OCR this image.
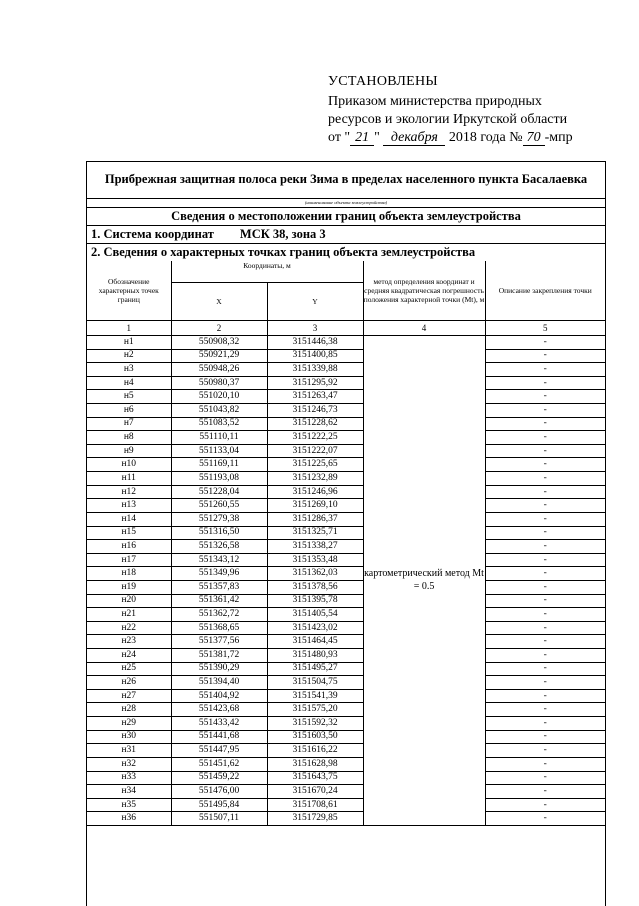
УСТАНОВЛЕНЫ
Приказом министерства природных
ресурсов и экологии Иркутской области
от " 21 "
декабря
2018 года № 70 -мпр
Прибрежная защитная полоса реки Зима в пределах населенного пункта Басалаевка
(наименование объекта землеустройства)
Сведения о местоположении границ объекта землеустройства
1. Система координат МСК 38, зона 3
2. Сведения о характерных точках границ объекта землеустройства
Обозначение характерных точек границ	Координаты, м		метод определения координат и средняя квадратическая погрешность положения характерной точки (Mt), м	Описание закрепления точки
	X	Y		
1	2	3	4	5
н1	550908,32	3151446,38	картометрический метод Mt = 0.5	-
н2	550921,29	3151400,85		-
н3	550948,26	3151339,88		-
н4	550980,37	3151295,92		-
н5	551020,10	3151263,47		-
н6	551043,82	3151246,73		-
н7	551083,52	3151228,62		-
н8	551110,11	3151222,25		-
н9	551133,04	3151222,07		-
н10	551169,11	3151225,65		-
н11	551193,08	3151232,89		-
н12	551228,04	3151246,96		-
н13	551260,55	3151269,10		-
н14	551279,38	3151286,37		-
н15	551316,50	3151325,71		-
н16	551326,58	3151338,27		-
н17	551343,12	3151353,48		-
н18	551349,96	3151362,03		-
н19	551357,83	3151378,56		-
н20	551361,42	3151395,78		-
н21	551362,72	3151405,54		-
н22	551368,65	3151423,02		-
н23	551377,56	3151464,45		-
н24	551381,72	3151480,93		-
н25	551390,29	3151495,27		-
н26	551394,40	3151504,75		-
н27	551404,92	3151541,39		-
н28	551423,68	3151575,20		-
н29	551433,42	3151592,32		-
н30	551441,68	3151603,50		-
н31	551447,95	3151616,22		-
н32	551451,62	3151628,98		-
н33	551459,22	3151643,75		-
н34	551476,00	3151670,24		-
н35	551495,84	3151708,61		-
н36	551507,11	3151729,85		-
